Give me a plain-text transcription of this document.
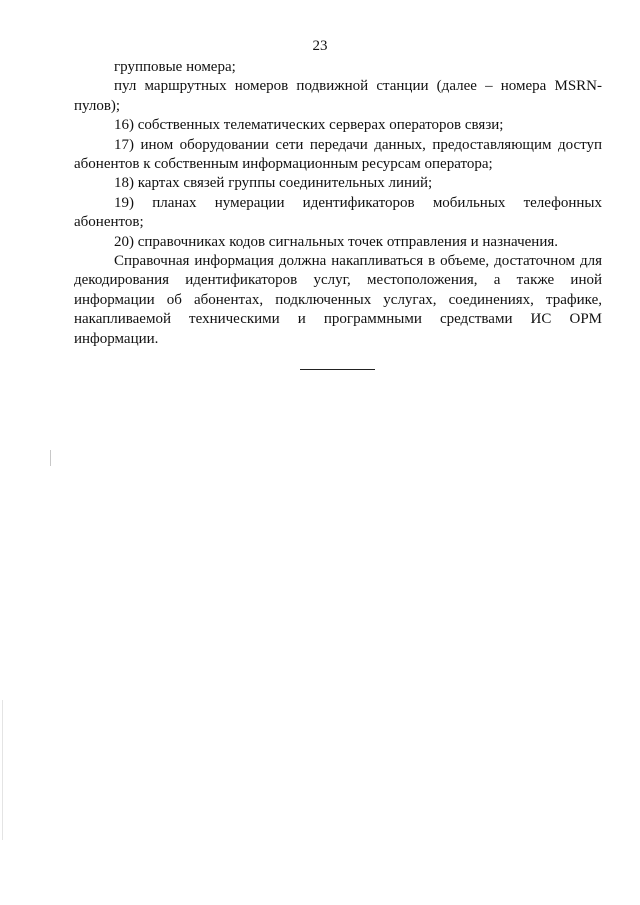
23

групповые номера;

пул маршрутных номеров подвижной станции (далее – номера MSRN-пулов);

16) собственных телематических серверах операторов связи;

17) ином оборудовании сети передачи данных, предоставляющим доступ абонентов к собственным информационным ресурсам оператора;

18) картах связей группы соединительных линий;

19) планах нумерации идентификаторов мобильных телефонных абонентов;

20) справочниках кодов сигнальных точек отправления и назначения.

Справочная информация должна накапливаться в объеме, достаточном для декодирования идентификаторов услуг, местоположения, а также иной информации об абонентах, подключенных услугах, соединениях, трафике, накапливаемой техническими и программными средствами ИС ОРМ информации.
